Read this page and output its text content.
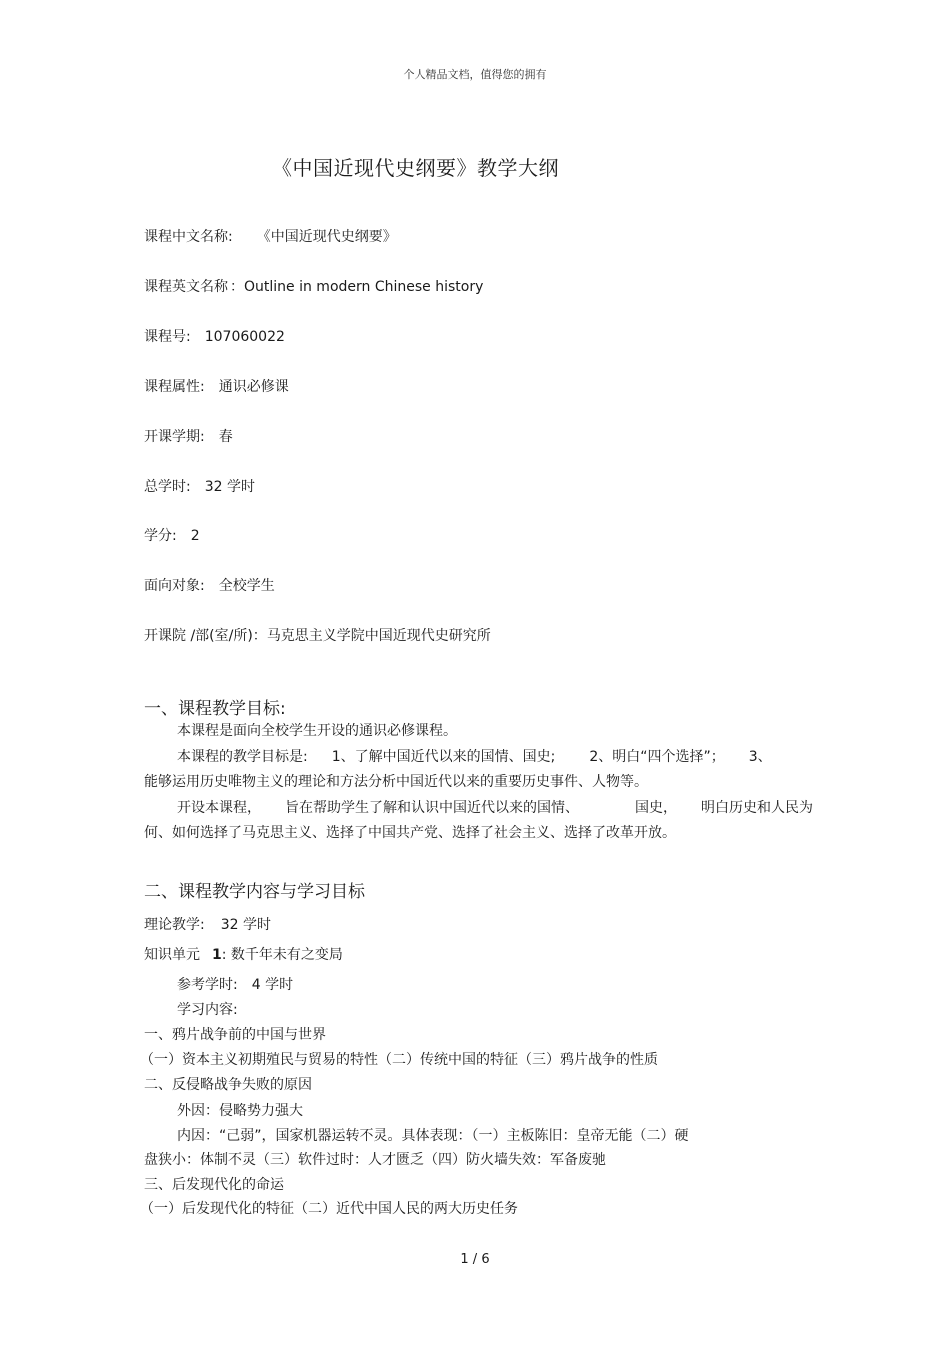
个人精品文档，值得您的拥有
《中国近现代史纲要》教学大纲
课程中文名称: 《中国近现代史纲要》
课程英文名称 ：Outline in modern Chinese history
课程号: 107060022
课程属性: 通识必修课
开课学期: 春
总学时: 32 学时
学分: 2
面向对象: 全校学生
开课院 /部(室/所)：马克思主义学院中国近现代史研究所
一、课程教学目标:
本课程是面向全校学生开设的通识必修课程。
本课程的教学目标是: 1、了解中国近代以来的国情、国史; 2、明白“四个选择”； 3、
能够运用历史唯物主义的理论和方法分析中国近代以来的重要历史事件、人物等。
开设本课程， 旨在帮助学生了解和认识中国近代以来的国情、	国史， 明白历史和人民为
何、如何选择了马克思主义、选择了中国共产党、选择了社会主义、选择了改革开放。
二、课程教学内容与学习目标
理论教学: 32 学时
知识单元 1: 数千年未有之变局
参考学时: 4 学时
学习内容:
一、鸦片战争前的中国与世界
（一）资本主义初期殖民与贸易的特性（二）传统中国的特征（三）鸦片战争的性质
二、反侵略战争失败的原因
外因：侵略势力强大
内因：“己弱”，国家机器运转不灵。具体表现：（一）主板陈旧：皇帝无能（二）硬
盘狭小：体制不灵（三）软件过时：人才匮乏（四）防火墙失效：军备废驰
三、后发现代化的命运
（一）后发现代化的特征（二）近代中国人民的两大历史任务
1 / 6
